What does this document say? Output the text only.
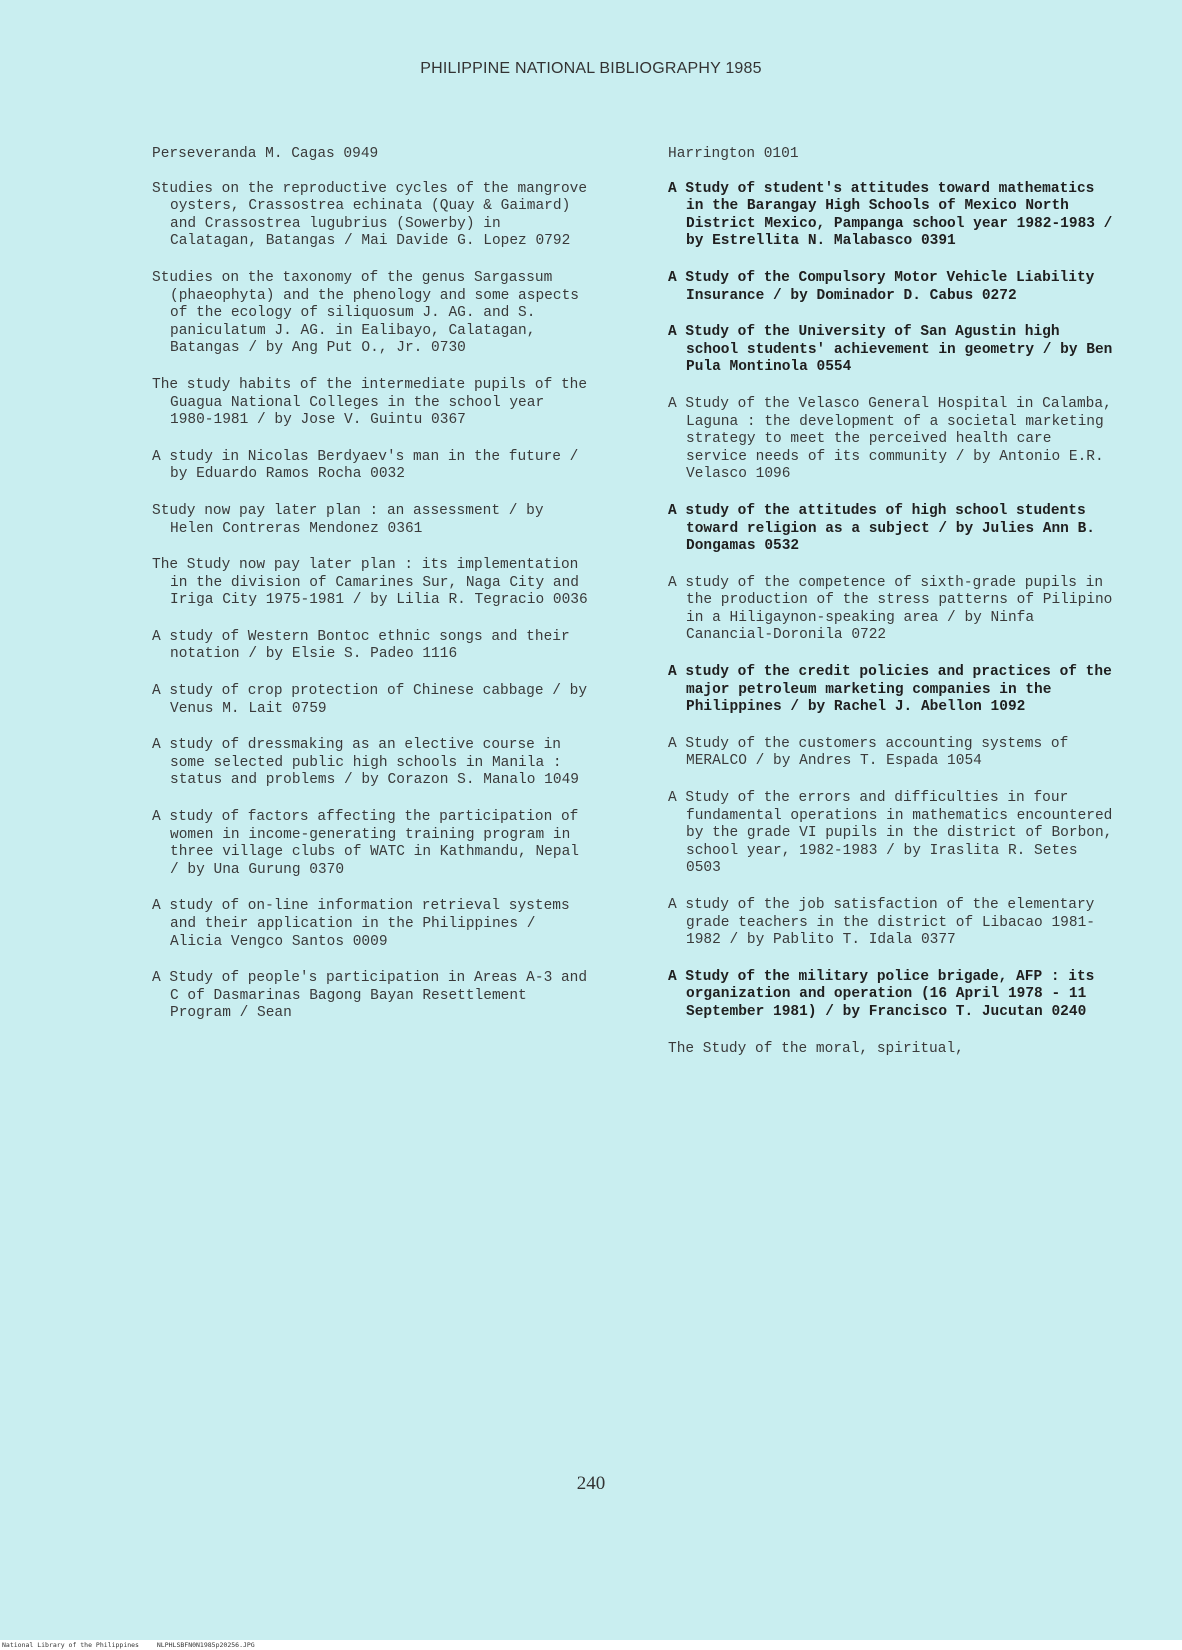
PHILIPPINE NATIONAL BIBLIOGRAPHY 1985

Perseveranda M. Cagas 0949

Studies on the reproductive cycles of the mangrove oysters, Crassostrea echinata (Quay & Gaimard) and Crassostrea lugubrius (Sowerby) in Calatagan, Batangas / Mai Davide G. Lopez 0792

Studies on the taxonomy of the genus Sargassum (phaeophyta) and the phenology and some aspects of the ecology of siliquosum J. AG. and S. paniculatum J. AG. in Ealibayo, Calatagan, Batangas / by Ang Put O., Jr. 0730

The study habits of the intermediate pupils of the Guagua National Colleges in the school year 1980-1981 / by Jose V. Guintu 0367

A study in Nicolas Berdyaev's man in the future / by Eduardo Ramos Rocha 0032

Study now pay later plan : an assessment / by Helen Contreras Mendonez 0361

The Study now pay later plan : its implementation in the division of Camarines Sur, Naga City and Iriga City 1975-1981 / by Lilia R. Tegracio 0036

A study of Western Bontoc ethnic songs and their notation / by Elsie S. Padeo 1116

A study of crop protection of Chinese cabbage / by Venus M. Lait 0759

A study of dressmaking as an elective course in some selected public high schools in Manila : status and problems / by Corazon S. Manalo 1049

A study of factors affecting the participation of women in income-generating training program in three village clubs of WATC in Kathmandu, Nepal / by Una Gurung 0370

A study of on-line information retrieval systems and their application in the Philippines / Alicia Vengco Santos 0009

A Study of people's participation in Areas A-3 and C of Dasmarinas Bagong Bayan Resettlement Program / Sean

Harrington 0101

A Study of student's attitudes toward mathematics in the Barangay High Schools of Mexico North District Mexico, Pampanga school year 1982-1983 / by Estrellita N. Malabasco 0391

A Study of the Compulsory Motor Vehicle Liability Insurance / by Dominador D. Cabus 0272

A Study of the University of San Agustin high school students' achievement in geometry / by Ben Pula Montinola 0554

A Study of the Velasco General Hospital in Calamba, Laguna : the development of a societal marketing strategy to meet the perceived health care service needs of its community / by Antonio E.R. Velasco 1096

A study of the attitudes of high school students toward religion as a subject / by Julies Ann B. Dongamas 0532

A study of the competence of sixth-grade pupils in the production of the stress patterns of Pilipino in a Hiligaynon-speaking area / by Ninfa Canancial-Doronila 0722

A study of the credit policies and practices of the major petroleum marketing companies in the Philippines / by Rachel J. Abellon 1092

A Study of the customers accounting systems of MERALCO / by Andres T. Espada 1054

A Study of the errors and difficulties in four fundamental operations in mathematics encountered by the grade VI pupils in the district of Borbon, school year, 1982-1983 / by Iraslita R. Setes 0503

A study of the job satisfaction of the elementary grade teachers in the district of Libacao 1981-1982 / by Pablito T. Idala 0377

A Study of the military police brigade, AFP : its organization and operation (16 April 1978 - 11 September 1981) / by Francisco T. Jucutan 0240

The Study of the moral, spiritual,

240
National Library of the Philippines	NLPHLSBFN0N1985p20256.JPG
